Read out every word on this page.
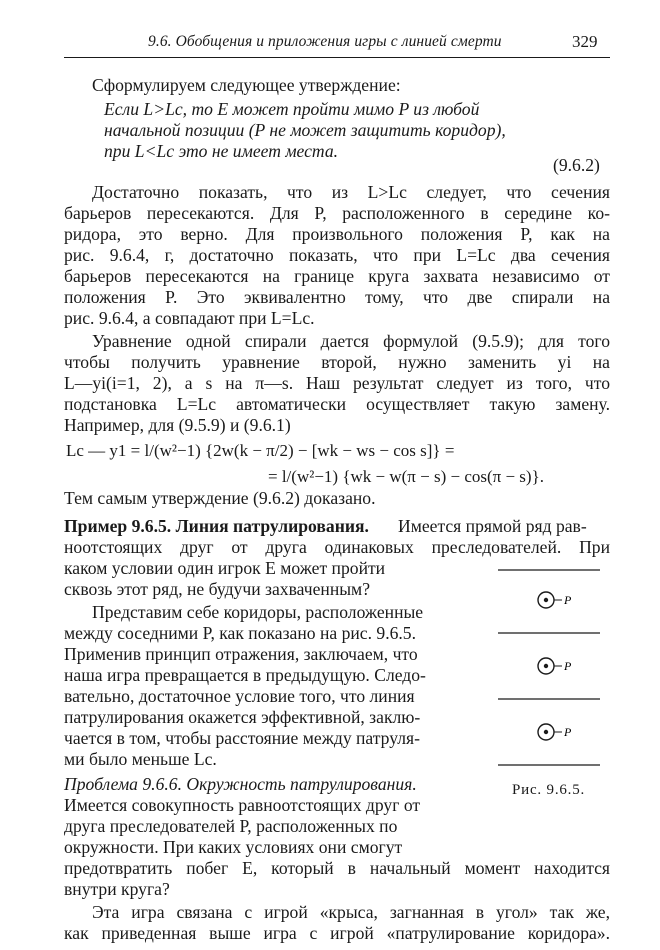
9.6. Обобщения и приложения игры с линией смерти	329
Сформулируем следующее утверждение:
Если L>Lc, то E может пройти мимо P из любой
начальной позиции (P не может защитить коридор),
при L<Lc это не имеет места.
(9.6.2)
Достаточно показать, что из L>Lc следует, что сечения
барьеров пересекаются. Для P, расположенного в середине ко-
ридора, это верно. Для произвольного положения P, как на
рис. 9.6.4, г, достаточно показать, что при L=Lc два сечения
барьеров пересекаются на границе круга захвата независимо от
положения P. Это эквивалентно тому, что две спирали на
рис. 9.6.4, а совпадают при L=Lc.
Уравнение одной спирали дается формулой (9.5.9); для того
чтобы получить уравнение второй, нужно заменить yi на
L—yi(i=1, 2), а s на π—s. Наш результат следует из того, что
подстановка L=Lc автоматически осуществляет такую замену.
Например, для (9.5.9) и (9.6.1)
Lc — y1 = l/(w²−1) {2w(k − π/2) − [wk − ws − cos s]} =
= l/(w²−1) {wk − w(π − s) − cos(π − s)}.
Тем самым утверждение (9.6.2) доказано.
Пример 9.6.5. Линия патрулирования. Имеется прямой ряд рав-
ноотстоящих друг от друга одинаковых преследователей. При
каком условии один игрок E может пройти
сквозь этот ряд, не будучи захваченным?
Представим себе коридоры, расположенные
между соседними P, как показано на рис. 9.6.5.
Применив принцип отражения, заключаем, что
наша игра превращается в предыдущую. Следо-
вательно, достаточное условие того, что линия
патрулирования окажется эффективной, заклю-
чается в том, чтобы расстояние между патруля-
ми было меньше Lc.
Проблема 9.6.6. Окружность патрулирования.
Имеется совокупность равноотстоящих друг от
друга преследователей P, расположенных по
окружности. При каких условиях они смогут
предотвратить побег E, который в начальный момент находится
внутри круга?
Эта игра связана с игрой «крыса, загнанная в угол» так же,
как приведенная выше игра с игрой «патрулирование коридора».
P
P
P
Рис. 9.6.5.
